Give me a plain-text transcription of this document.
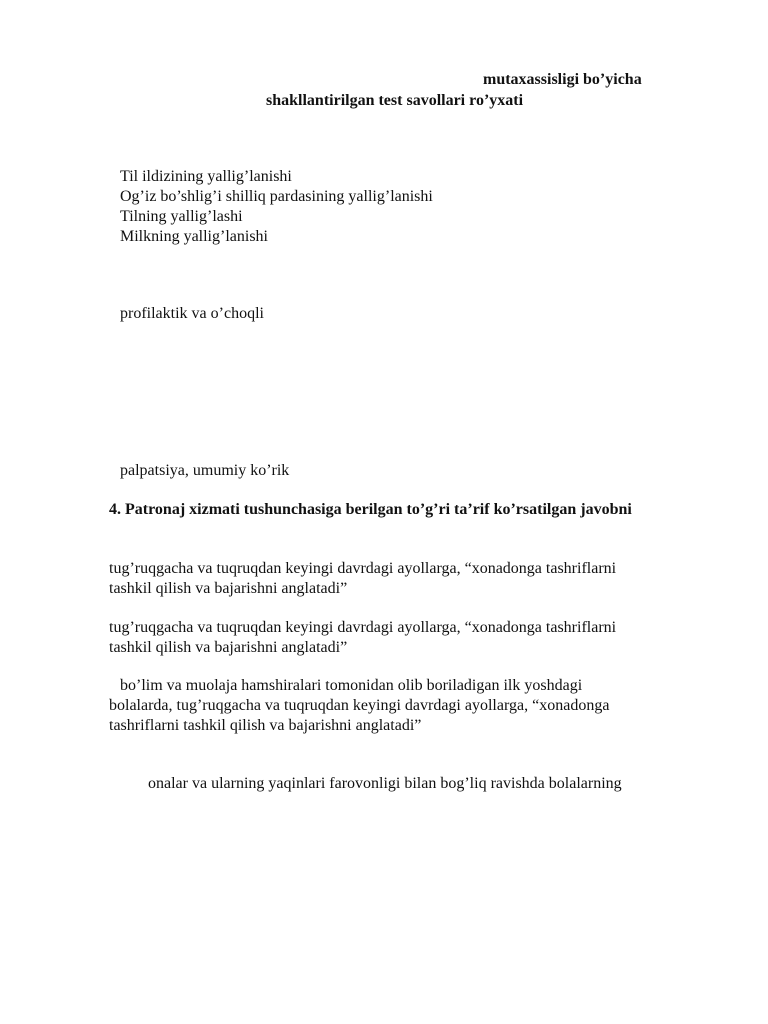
mutaxassisligi bo’yicha
shakllantirilgan test savollari ro’yxati
Til ildizining yallig’lanishi
Og’iz bo’shlig’i shilliq pardasining yallig’lanishi
Tilning yallig’lashi
Milkning yallig’lanishi
profilaktik va o’choqli
palpatsiya, umumiy ko’rik
4. Patronaj xizmati tushunchasiga berilgan to’g’ri ta’rif ko’rsatilgan javobni
tug’ruqgacha va tuqruqdan keyingi davrdagi ayollarga, “xonadonga tashriflarni
tashkil qilish va bajarishni anglatadi”
tug’ruqgacha va tuqruqdan keyingi davrdagi ayollarga, “xonadonga tashriflarni
tashkil qilish va bajarishni anglatadi”
bo’lim va muolaja hamshiralari tomonidan olib boriladigan ilk yoshdagi
bolalarda, tug’ruqgacha va tuqruqdan keyingi davrdagi ayollarga, “xonadonga
tashriflarni tashkil qilish va bajarishni anglatadi”
onalar va ularning yaqinlari farovonligi bilan bog’liq ravishda bolalarning
